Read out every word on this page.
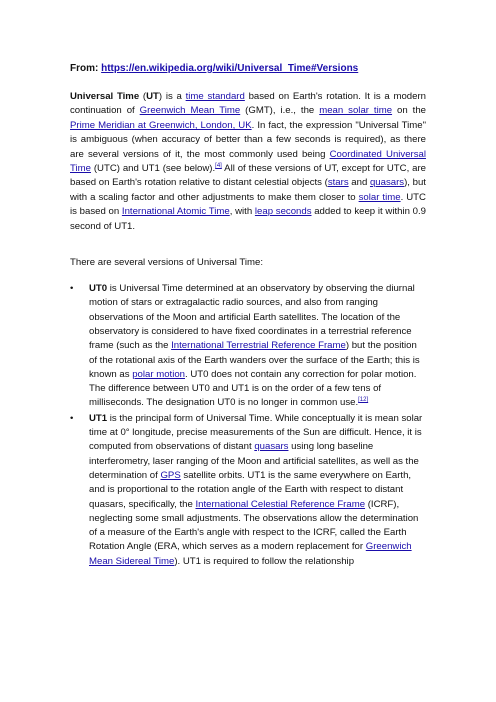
From: https://en.wikipedia.org/wiki/Universal_Time#Versions

Universal Time (UT) is a time standard based on Earth's rotation. It is a modern continuation of Greenwich Mean Time (GMT), i.e., the mean solar time on the Prime Meridian at Greenwich, London, UK. In fact, the expression "Universal Time" is ambiguous (when accuracy of better than a few seconds is required), as there are several versions of it, the most commonly used being Coordinated Universal Time (UTC) and UT1 (see below).[4] All of these versions of UT, except for UTC, are based on Earth's rotation relative to distant celestial objects (stars and quasars), but with a scaling factor and other adjustments to make them closer to solar time. UTC is based on International Atomic Time, with leap seconds added to keep it within 0.9 second of UT1.

There are several versions of Universal Time:

• UT0 is Universal Time determined at an observatory by observing the diurnal motion of stars or extragalactic radio sources, and also from ranging observations of the Moon and artificial Earth satellites. The location of the observatory is considered to have fixed coordinates in a terrestrial reference frame (such as the International Terrestrial Reference Frame) but the position of the rotational axis of the Earth wanders over the surface of the Earth; this is known as polar motion. UT0 does not contain any correction for polar motion. The difference between UT0 and UT1 is on the order of a few tens of milliseconds. The designation UT0 is no longer in common use.[12]
• UT1 is the principal form of Universal Time. While conceptually it is mean solar time at 0° longitude, precise measurements of the Sun are difficult. Hence, it is computed from observations of distant quasars using long baseline interferometry, laser ranging of the Moon and artificial satellites, as well as the determination of GPS satellite orbits. UT1 is the same everywhere on Earth, and is proportional to the rotation angle of the Earth with respect to distant quasars, specifically, the International Celestial Reference Frame (ICRF), neglecting some small adjustments. The observations allow the determination of a measure of the Earth's angle with respect to the ICRF, called the Earth Rotation Angle (ERA, which serves as a modern replacement for Greenwich Mean Sidereal Time). UT1 is required to follow the relationship
